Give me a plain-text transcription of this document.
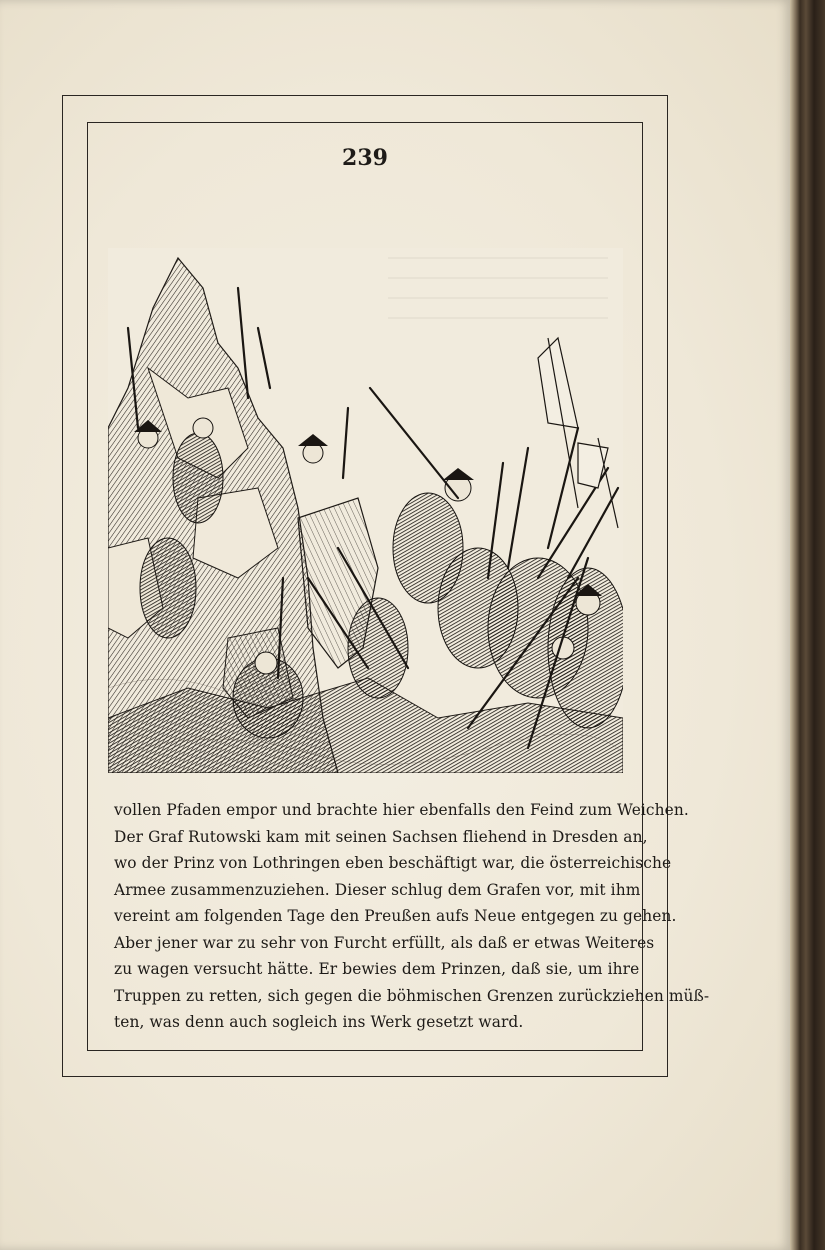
239
vollen Pfaden empor und brachte hier ebenfalls den Feind zum Weichen.
Der Graf Rutowski kam mit seinen Sachsen fliehend in Dresden an,
wo der Prinz von Lothringen eben beschäftigt war, die österreichische
Armee zusammenzuziehen. Dieser schlug dem Grafen vor, mit ihm
vereint am folgenden Tage den Preußen aufs Neue entgegen zu gehen.
Aber jener war zu sehr von Furcht erfüllt, als daß er etwas Weiteres
zu wagen versucht hätte. Er bewies dem Prinzen, daß sie, um ihre
Truppen zu retten, sich gegen die böhmischen Grenzen zurückziehen müß-
ten, was denn auch sogleich ins Werk gesetzt ward.
